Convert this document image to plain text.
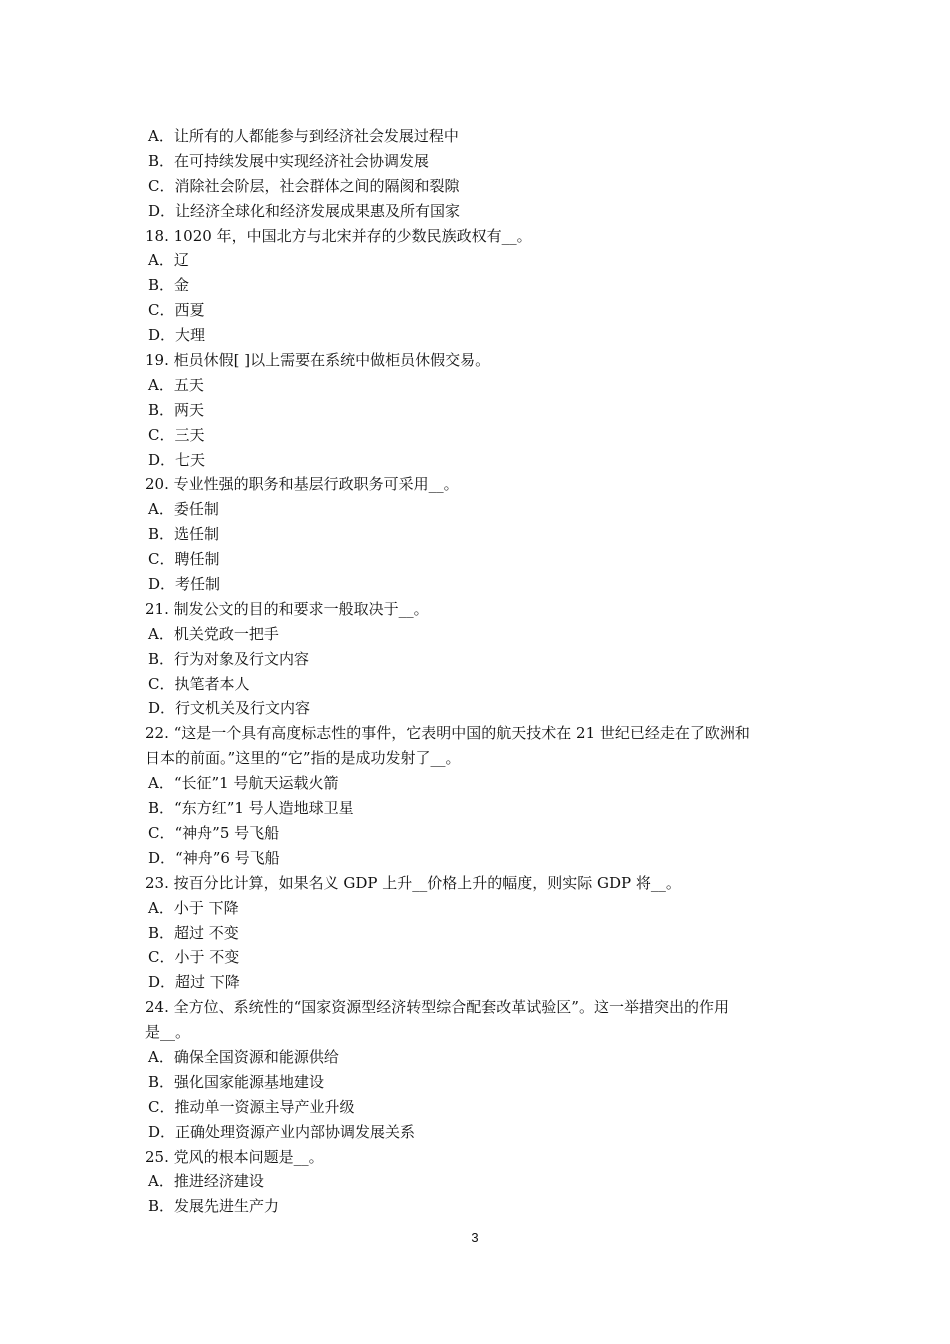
A．让所有的人都能参与到经济社会发展过程中
B．在可持续发展中实现经济社会协调发展
C．消除社会阶层，社会群体之间的隔阂和裂隙
D．让经济全球化和经济发展成果惠及所有国家
18. 1020 年，中国北方与北宋并存的少数民族政权有__。
A．辽
B．金
C．西夏
D．大理
19. 柜员休假[ ]以上需要在系统中做柜员休假交易。
A．五天
B．两天
C．三天
D．七天
20. 专业性强的职务和基层行政职务可采用__。
A．委任制
B．选任制
C．聘任制
D．考任制
21. 制发公文的目的和要求一般取决于__。
A．机关党政一把手
B．行为对象及行文内容
C．执笔者本人
D．行文机关及行文内容
22. “这是一个具有高度标志性的事件，它表明中国的航天技术在 21 世纪已经走在了欧洲和
日本的前面。”这里的“它”指的是成功发射了__。
A．“长征”1 号航天运载火箭
B．“东方红”1 号人造地球卫星
C．“神舟”5 号飞船
D．“神舟”6 号飞船
23. 按百分比计算，如果名义 GDP 上升__价格上升的幅度，则实际 GDP 将__。
A．小于 下降
B．超过 不变
C．小于 不变
D．超过 下降
24. 全方位、系统性的“国家资源型经济转型综合配套改革试验区”。这一举措突出的作用
是__。
A．确保全国资源和能源供给
B．强化国家能源基地建设
C．推动单一资源主导产业升级
D．正确处理资源产业内部协调发展关系
25. 党风的根本问题是__。
A．推进经济建设
B．发展先进生产力
3
